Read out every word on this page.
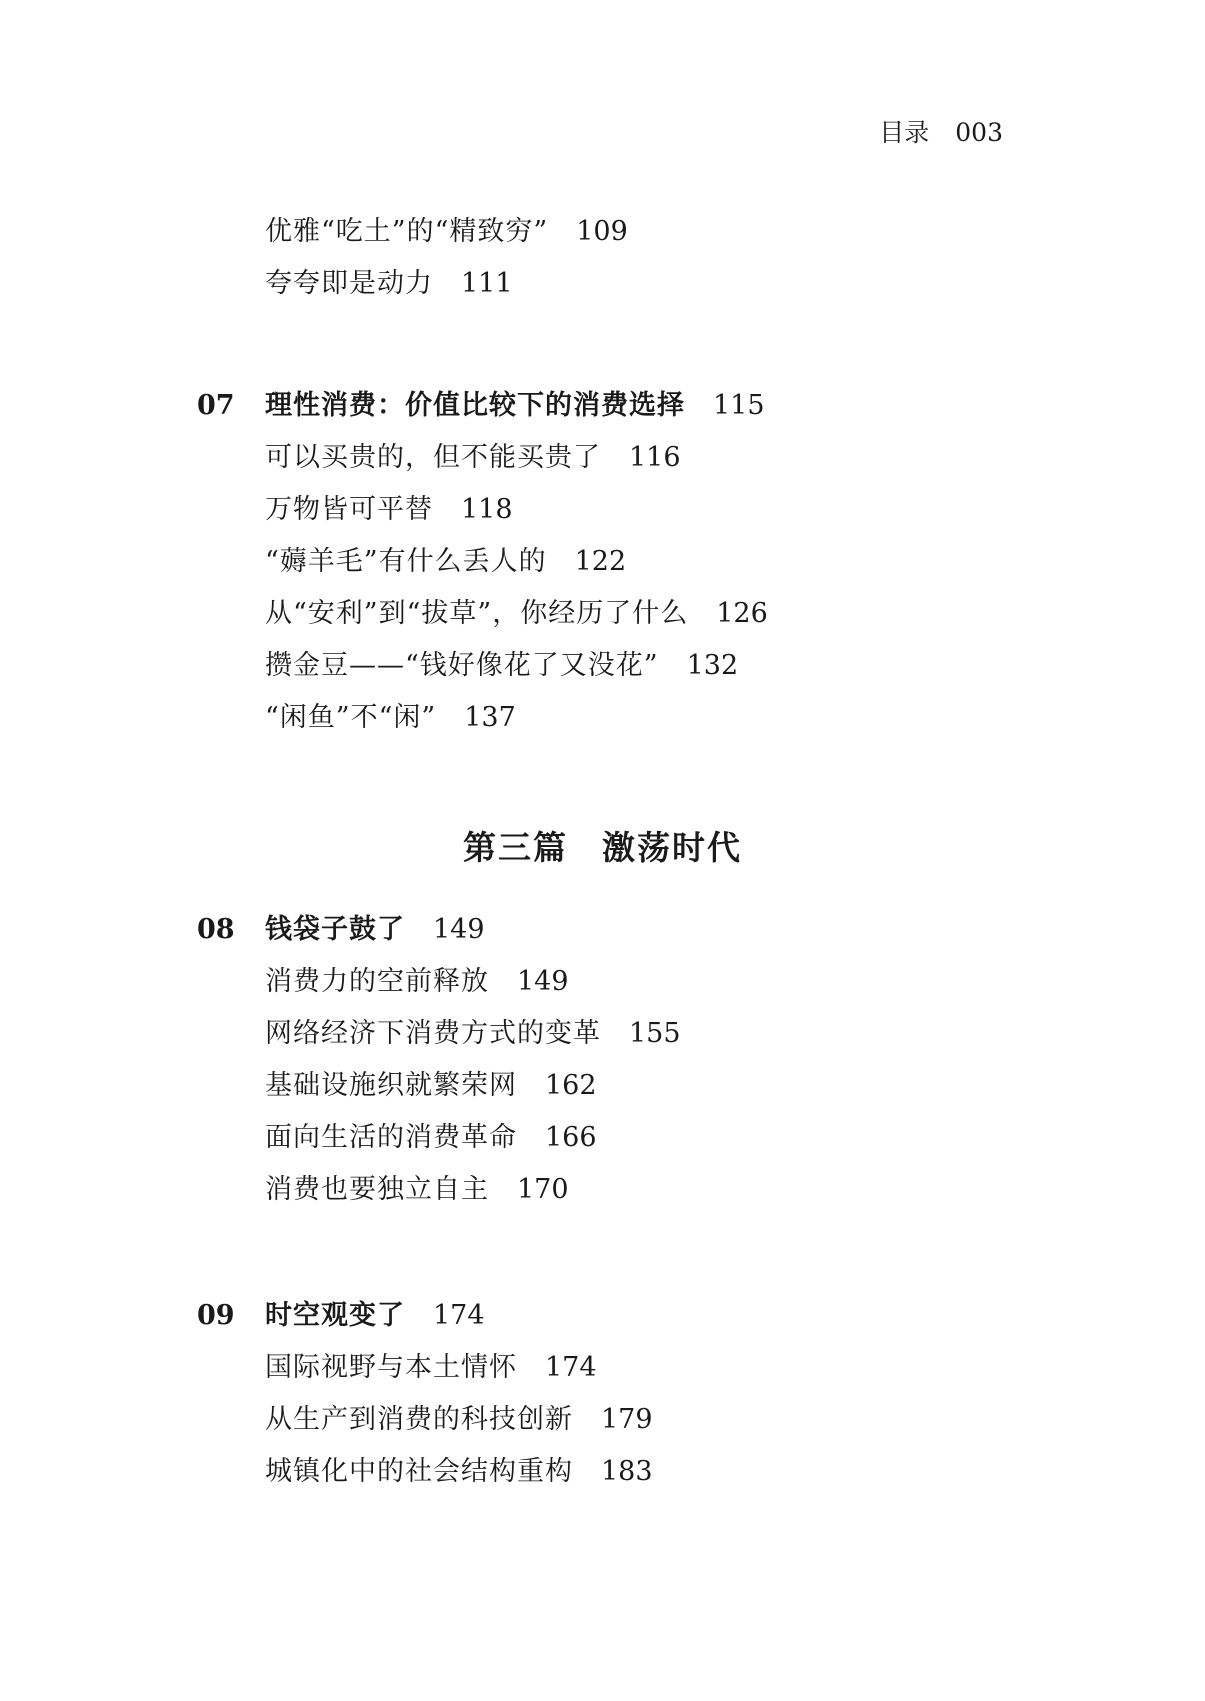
目录 003
优雅“吃土”的“精致穷” 109
夸夸即是动力 111
07 理性消费：价值比较下的消费选择 115
可以买贵的，但不能买贵了 116
万物皆可平替 118
“薅羊毛”有什么丢人的 122
从“安利”到“拔草”，你经历了什么 126
攒金豆——“钱好像花了又没花” 132
“闲鱼”不“闲” 137
第三篇 激荡时代
08 钱袋子鼓了 149
消费力的空前释放 149
网络经济下消费方式的变革 155
基础设施织就繁荣网 162
面向生活的消费革命 166
消费也要独立自主 170
09 时空观变了 174
国际视野与本土情怀 174
从生产到消费的科技创新 179
城镇化中的社会结构重构 183
